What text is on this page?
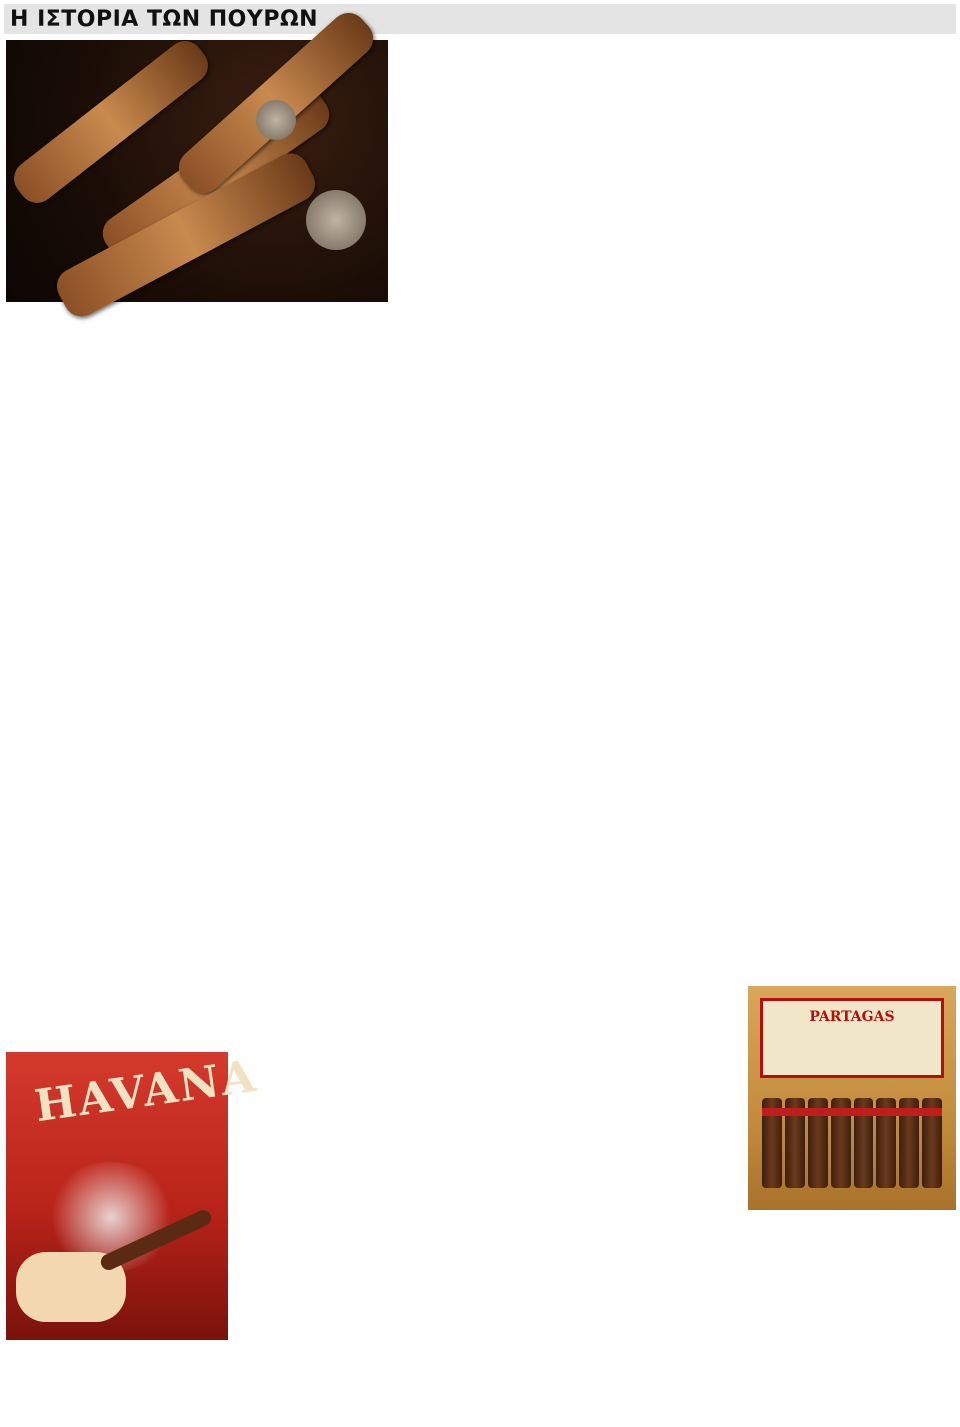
Η ΙΣΤΟΡΙΑ ΤΩΝ ΠΟΥΡΩΝ
PARTAGAS
HAVANA
